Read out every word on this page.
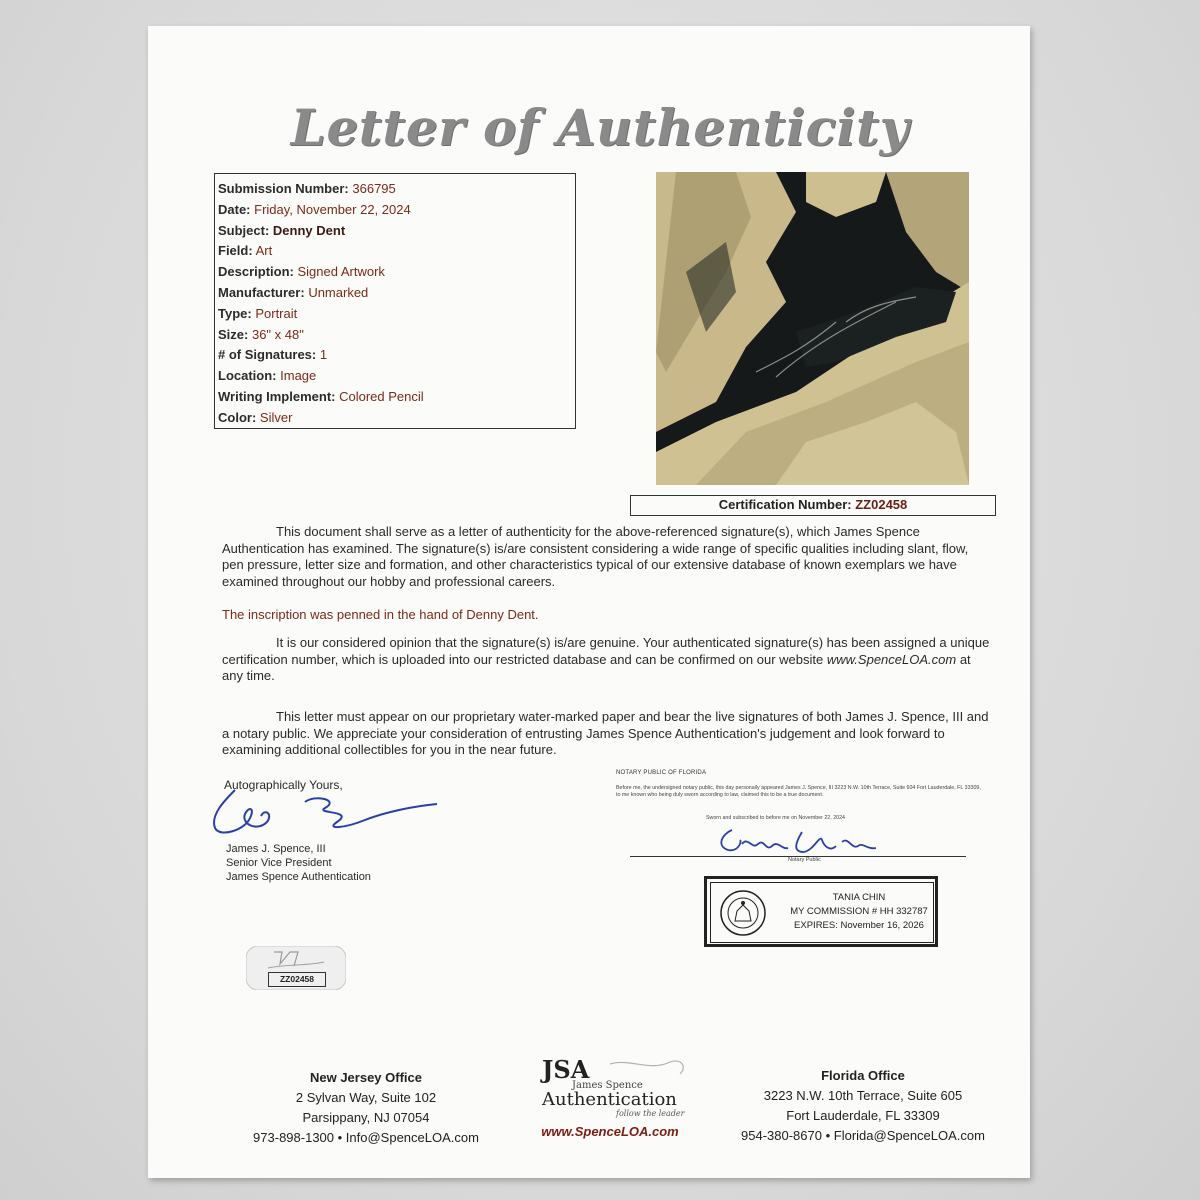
Letter of Authenticity
Submission Number: 366795
Date: Friday, November 22, 2024
Subject: Denny Dent
Field: Art
Description: Signed Artwork
Manufacturer: Unmarked
Type: Portrait
Size: 36" x 48"
# of Signatures: 1
Location: Image
Writing Implement: Colored Pencil
Color: Silver
Certification Number: ZZ02458
This document shall serve as a letter of authenticity for the above-referenced signature(s), which James Spence Authentication has examined. The signature(s) is/are consistent considering a wide range of specific qualities including slant, flow, pen pressure, letter size and formation, and other characteristics typical of our extensive database of known exemplars we have examined throughout our hobby and professional careers.
The inscription was penned in the hand of Denny Dent.
It is our considered opinion that the signature(s) is/are genuine. Your authenticated signature(s) has been assigned a unique certification number, which is uploaded into our restricted database and can be confirmed on our website www.SpenceLOA.com at any time.
This letter must appear on our proprietary water-marked paper and bear the live signatures of both James J. Spence, III and a notary public. We appreciate your consideration of entrusting James Spence Authentication's judgement and look forward to examining additional collectibles for you in the near future.
Autographically Yours,
James J. Spence, III
Senior Vice President
James Spence Authentication
NOTARY PUBLIC OF FLORIDA
Before me, the undersigned notary public, this day personally appeared James J. Spence, III 3223 N.W. 10th Terrace, Suite 604 Fort Lauderdale, FL 33309, to me known who being duly sworn according to law, claimed this to be a true document.
Sworn and subscribed to before me on November 22, 2024
Notary Public
TANIA CHIN
MY COMMISSION # HH 332787
EXPIRES: November 16, 2026
ZZ02458
New Jersey Office
2 Sylvan Way, Suite 102
Parsippany, NJ 07054
973-898-1300 • Info@SpenceLOA.com
JSA
James Spence
Authentication
follow the leader
www.SpenceLOA.com
Florida Office
3223 N.W. 10th Terrace, Suite 605
Fort Lauderdale, FL 33309
954-380-8670 • Florida@SpenceLOA.com
